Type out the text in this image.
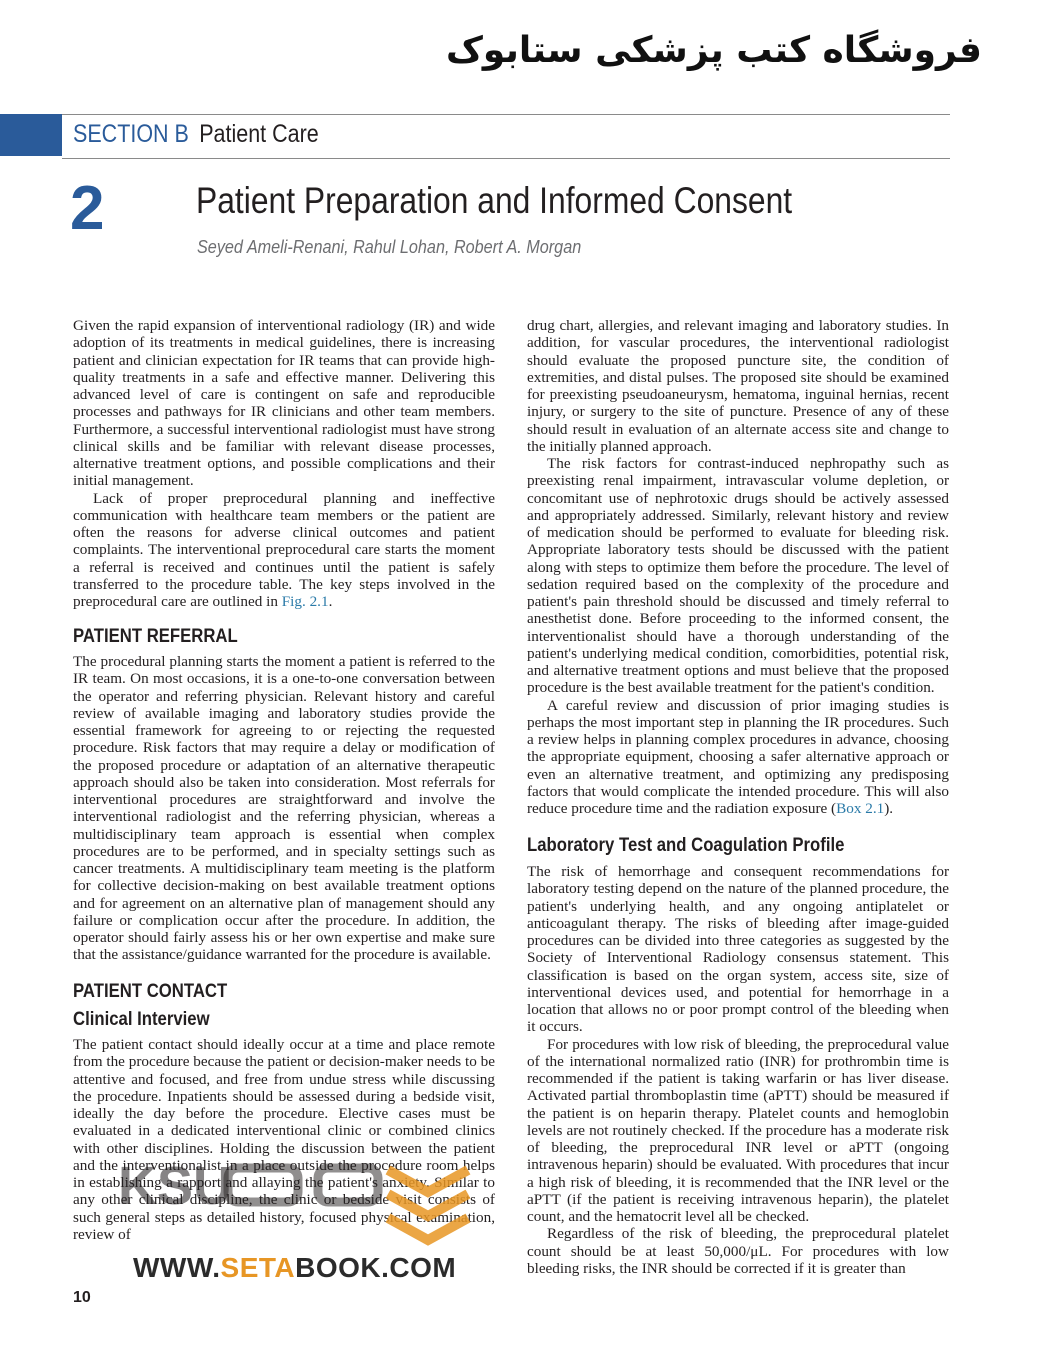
فروشگاه کتب پزشکی ستابوک
SECTION B Patient Care
2 Patient Preparation and Informed Consent
Seyed Ameli-Renani, Rahul Lohan, Robert A. Morgan

Given the rapid expansion of interventional radiology (IR) and wide adoption of its treatments in medical guidelines, there is increasing patient and clinician expectation for IR teams that can provide high-quality treatments in a safe and effective manner. Delivering this advanced level of care is contingent on safe and reproducible processes and pathways for IR clinicians and other team members. Furthermore, a successful interventional radiologist must have strong clinical skills and be familiar with relevant disease processes, alternative treatment options, and possible complications and their initial management.

Lack of proper preprocedural planning and ineffective communication with healthcare team members or the patient are often the reasons for adverse clinical outcomes and patient complaints. The interventional preprocedural care starts the moment a referral is received and continues until the patient is safely transferred to the procedure table. The key steps involved in the preprocedural care are outlined in Fig. 2.1.

PATIENT REFERRAL

The procedural planning starts the moment a patient is referred to the IR team. On most occasions, it is a one-to-one conversation between the operator and referring physician. Relevant history and careful review of available imaging and laboratory studies provide the essential framework for agreeing to or rejecting the requested procedure. Risk factors that may require a delay or modification of the proposed procedure or adaptation of an alternative therapeutic approach should also be taken into consideration. Most referrals for interventional procedures are straightforward and involve the interventional radiologist and the referring physician, whereas a multidisciplinary team approach is essential when complex procedures are to be performed, and in specialty settings such as cancer treatments. A multidisciplinary team meeting is the platform for collective decision-making on best available treatment options and for agreement on an alternative plan of management should any failure or complication occur after the procedure. In addition, the operator should fairly assess his or her own expertise and make sure that the assistance/guidance warranted for the procedure is available.

PATIENT CONTACT
Clinical Interview

The patient contact should ideally occur at a time and place remote from the procedure because the patient or decision-maker needs to be attentive and focused, and free from undue stress while discussing the procedure. Inpatients should be assessed during a bedside visit, ideally the day before the procedure. Elective cases must be evaluated in a dedicated interventional clinic or combined clinics with other disciplines. Holding the discussion between the patient and the interventionalist in a place outside the procedure room helps in establishing a rapport and allaying the patient's anxiety. Similar to any other clinical discipline, the clinic or bedside visit consists of such general steps as detailed history, focused physical examination, review of

drug chart, allergies, and relevant imaging and laboratory studies. In addition, for vascular procedures, the interventional radiologist should evaluate the proposed puncture site, the condition of extremities, and distal pulses. The proposed site should be examined for preexisting pseudoaneurysm, hematoma, inguinal hernias, recent injury, or surgery to the site of puncture. Presence of any of these should result in evaluation of an alternate access site and change to the initially planned approach.

The risk factors for contrast-induced nephropathy such as preexisting renal impairment, intravascular volume depletion, or concomitant use of nephrotoxic drugs should be actively assessed and appropriately addressed. Similarly, relevant history and review of medication should be performed to evaluate for bleeding risk. Appropriate laboratory tests should be discussed with the patient along with steps to optimize them before the procedure. The level of sedation required based on the complexity of the procedure and patient's pain threshold should be discussed and timely referral to anesthetist done. Before proceeding to the informed consent, the interventionalist should have a thorough understanding of the patient's underlying medical condition, comorbidities, potential risk, and alternative treatment options and must believe that the proposed procedure is the best available treatment for the patient's condition.

A careful review and discussion of prior imaging studies is perhaps the most important step in planning the IR procedures. Such a review helps in planning complex procedures in advance, choosing the appropriate equipment, choosing a safer alternative approach or even an alternative treatment, and optimizing any predisposing factors that would complicate the intended procedure. This will also reduce procedure time and the radiation exposure (Box 2.1).

Laboratory Test and Coagulation Profile

The risk of hemorrhage and consequent recommendations for laboratory testing depend on the nature of the planned procedure, the patient's underlying health, and any ongoing antiplatelet or anticoagulant therapy. The risks of bleeding after image-guided procedures can be divided into three categories as suggested by the Society of Interventional Radiology consensus statement. This classification is based on the organ system, access site, size of interventional devices used, and potential for hemorrhage in a location that allows no or poor prompt control of the bleeding when it occurs.

For procedures with low risk of bleeding, the preprocedural value of the international normalized ratio (INR) for prothrombin time is recommended if the patient is taking warfarin or has liver disease. Activated partial thromboplastin time (aPTT) should be measured if the patient is on heparin therapy. Platelet counts and hemoglobin levels are not routinely checked. If the procedure has a moderate risk of bleeding, the preprocedural INR level or aPTT (ongoing intravenous heparin) should be evaluated. With procedures that incur a high risk of bleeding, it is recommended that the INR level or the aPTT (if the patient is receiving intravenous heparin), the platelet count, and the hematocrit level all be checked.

Regardless of the risk of bleeding, the preprocedural platelet count should be at least 50,000/μL. For procedures with low bleeding risks, the INR should be corrected if it is greater than

10
KSU
WWW.SETABOOK.COM
